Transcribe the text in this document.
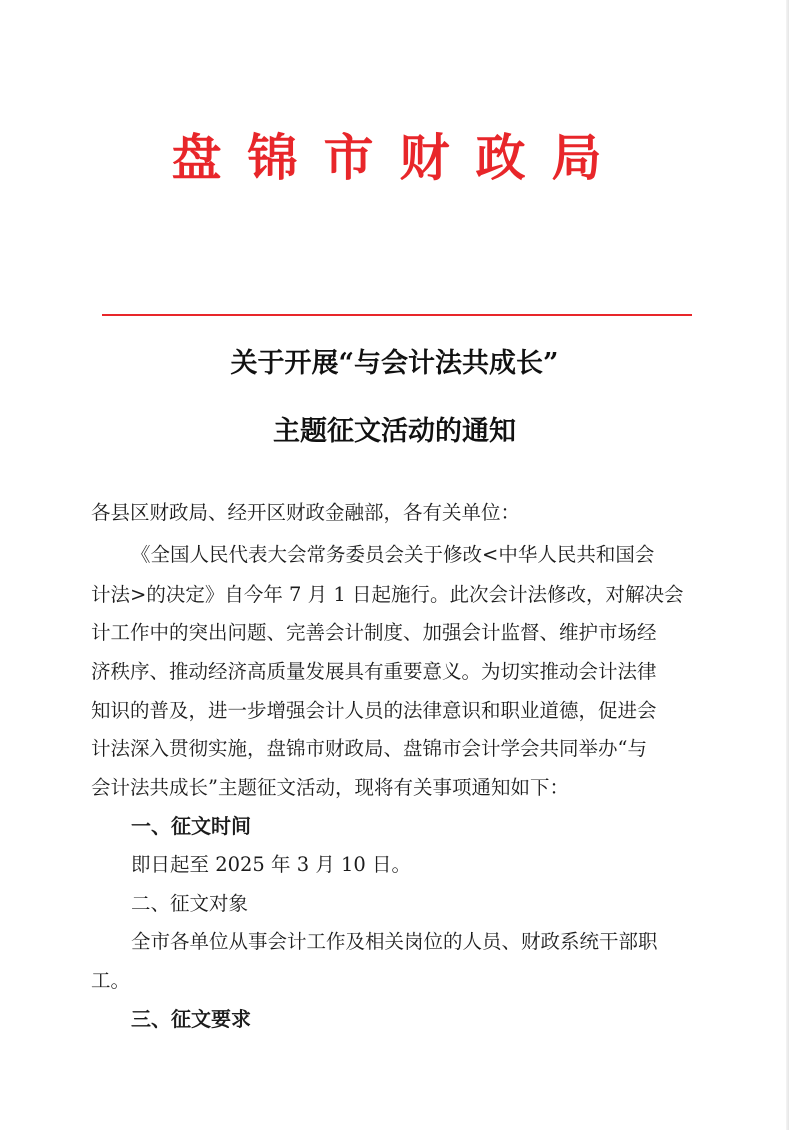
盘锦市财政局
关于开展“与会计法共成长”
主题征文活动的通知
各县区财政局、经开区财政金融部，各有关单位：
《全国人民代表大会常务委员会关于修改<中华人民共和国会
计法>的决定》自今年 7 月 1 日起施行。此次会计法修改，对解决会
计工作中的突出问题、完善会计制度、加强会计监督、维护市场经
济秩序、推动经济高质量发展具有重要意义。为切实推动会计法律
知识的普及，进一步增强会计人员的法律意识和职业道德，促进会
计法深入贯彻实施，盘锦市财政局、盘锦市会计学会共同举办“与
会计法共成长”主题征文活动，现将有关事项通知如下：
一、征文时间
即日起至 2025 年 3 月 10 日。
二、征文对象
全市各单位从事会计工作及相关岗位的人员、财政系统干部职
工。
三、征文要求
